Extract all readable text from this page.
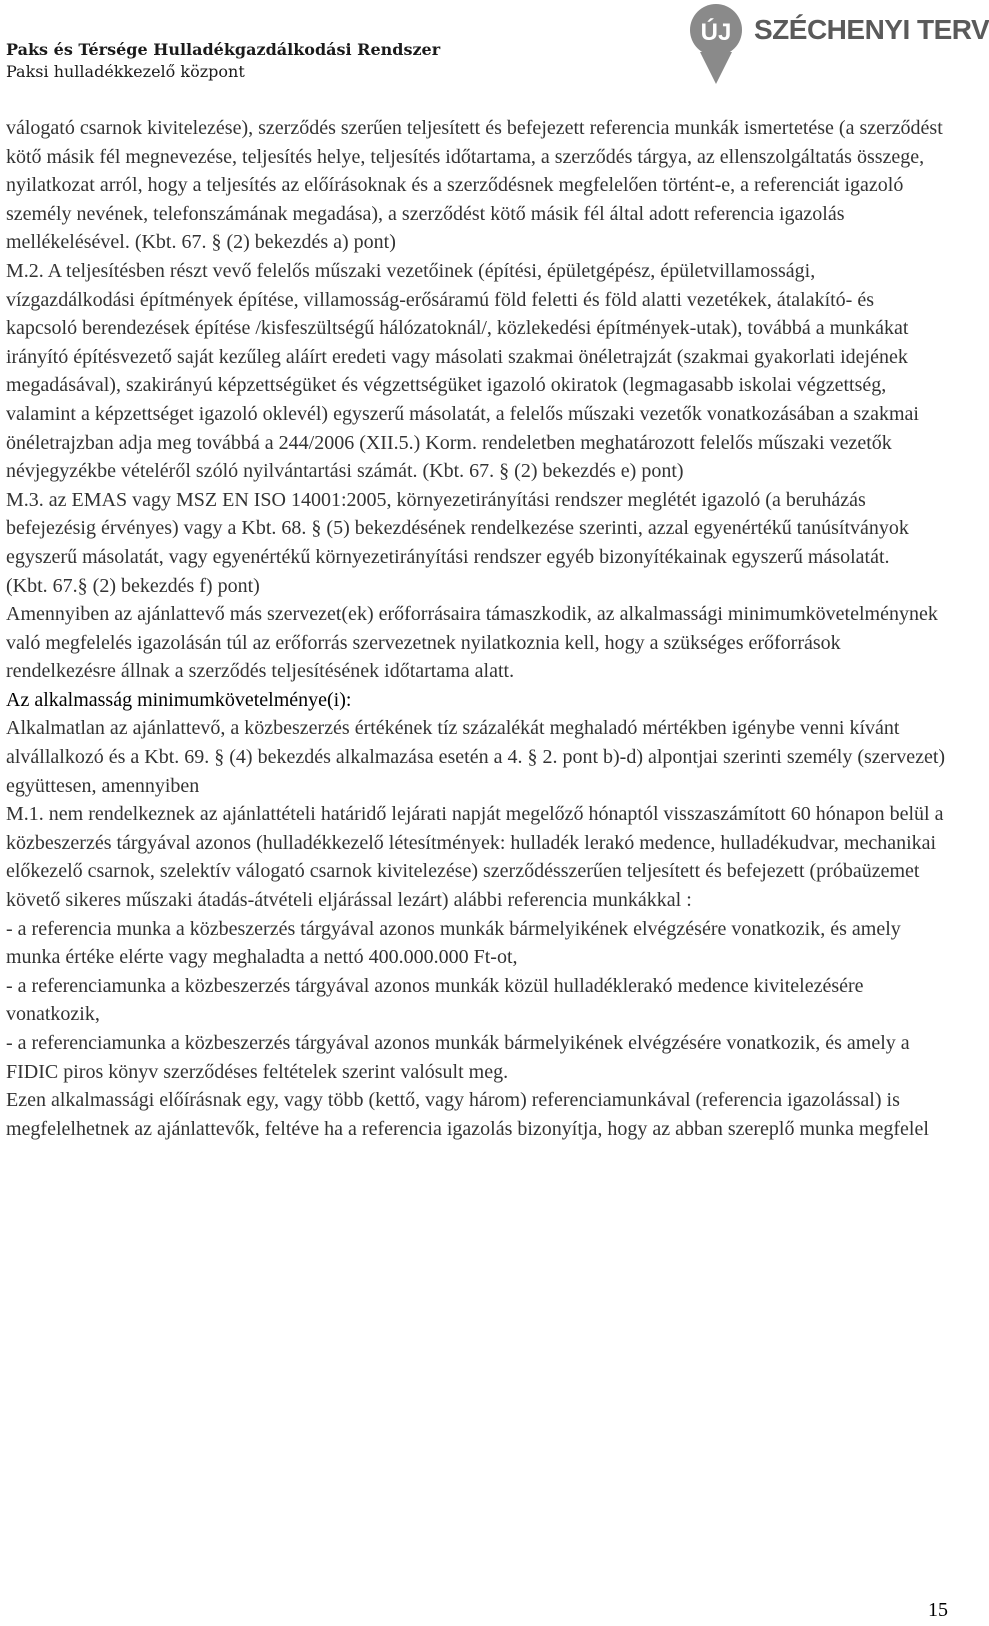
Paks és Térsége Hulladékgazdálkodási Rendszer
Paksi hulladékkezelő központ
ÚJ SZÉCHENYI TERV

válogató csarnok kivitelezése), szerződés szerűen teljesített és befejezett referencia munkák ismertetése (a szerződést kötő másik fél megnevezése, teljesítés helye, teljesítés időtartama, a szerződés tárgya, az ellenszolgáltatás összege, nyilatkozat arról, hogy a teljesítés az előírásoknak és a szerződésnek megfelelően történt-e, a referenciát igazoló személy nevének, telefonszámának megadása), a szerződést kötő másik fél által adott referencia igazolás mellékelésével. (Kbt. 67. § (2) bekezdés a) pont)

M.2. A teljesítésben részt vevő felelős műszaki vezetőinek (építési, épületgépész, épületvillamossági, vízgazdálkodási építmények építése, villamosság-erősáramú föld feletti és föld alatti vezetékek, átalakító- és kapcsoló berendezések építése /kisfeszültségű hálózatoknál/, közlekedési építmények-utak), továbbá a munkákat irányító építésvezető saját kezűleg aláírt eredeti vagy másolati szakmai önéletrajzát (szakmai gyakorlati idejének megadásával), szakirányú képzettségüket és végzettségüket igazoló okiratok (legmagasabb iskolai végzettség, valamint a képzettséget igazoló oklevél) egyszerű másolatát, a felelős műszaki vezetők vonatkozásában a szakmai önéletrajzban adja meg továbbá a 244/2006 (XII.5.) Korm. rendeletben meghatározott felelős műszaki vezetők névjegyzékbe vételéről szóló nyilvántartási számát. (Kbt. 67. § (2) bekezdés e) pont)

M.3. az EMAS vagy MSZ EN ISO 14001:2005, környezetirányítási rendszer meglétét igazoló (a beruházás befejezésig érvényes) vagy a Kbt. 68. § (5) bekezdésének rendelkezése szerinti, azzal egyenértékű tanúsítványok egyszerű másolatát, vagy egyenértékű környezetirányítási rendszer egyéb bizonyítékainak egyszerű másolatát.

(Kbt. 67.§ (2) bekezdés f) pont)

Amennyiben az ajánlattevő más szervezet(ek) erőforrásaira támaszkodik, az alkalmassági minimumkövetelménynek való megfelelés igazolásán túl az erőforrás szervezetnek nyilatkoznia kell, hogy a szükséges erőforrások rendelkezésre állnak a szerződés teljesítésének időtartama alatt.

Az alkalmasság minimumkövetelménye(i):

Alkalmatlan az ajánlattevő, a közbeszerzés értékének tíz százalékát meghaladó mértékben igénybe venni kívánt alvállalkozó és a Kbt. 69. § (4) bekezdés alkalmazása esetén a 4. § 2. pont b)-d) alpontjai szerinti személy (szervezet) együttesen, amennyiben

M.1. nem rendelkeznek az ajánlattételi határidő lejárati napját megelőző hónaptól visszaszámított 60 hónapon belül a közbeszerzés tárgyával azonos (hulladékkezelő létesítmények: hulladék lerakó medence, hulladékudvar, mechanikai előkezelő csarnok, szelektív válogató csarnok kivitelezése) szerződésszerűen teljesített és befejezett (próbaüzemet követő sikeres műszaki átadás-átvételi eljárással lezárt) alábbi referencia munkákkal :

- a referencia munka a közbeszerzés tárgyával azonos munkák bármelyikének elvégzésére vonatkozik, és amely munka értéke elérte vagy meghaladta a nettó 400.000.000 Ft-ot,

- a referenciamunka a közbeszerzés tárgyával azonos munkák közül hulladéklerakó medence kivitelezésére vonatkozik,

- a referenciamunka a közbeszerzés tárgyával azonos munkák bármelyikének elvégzésére vonatkozik, és amely a FIDIC piros könyv szerződéses feltételek szerint valósult meg.

Ezen alkalmassági előírásnak egy, vagy több (kettő, vagy három) referenciamunkával (referencia igazolással) is megfelelhetnek az ajánlattevők, feltéve ha a referencia igazolás bizonyítja, hogy az abban szereplő munka megfelel

15
